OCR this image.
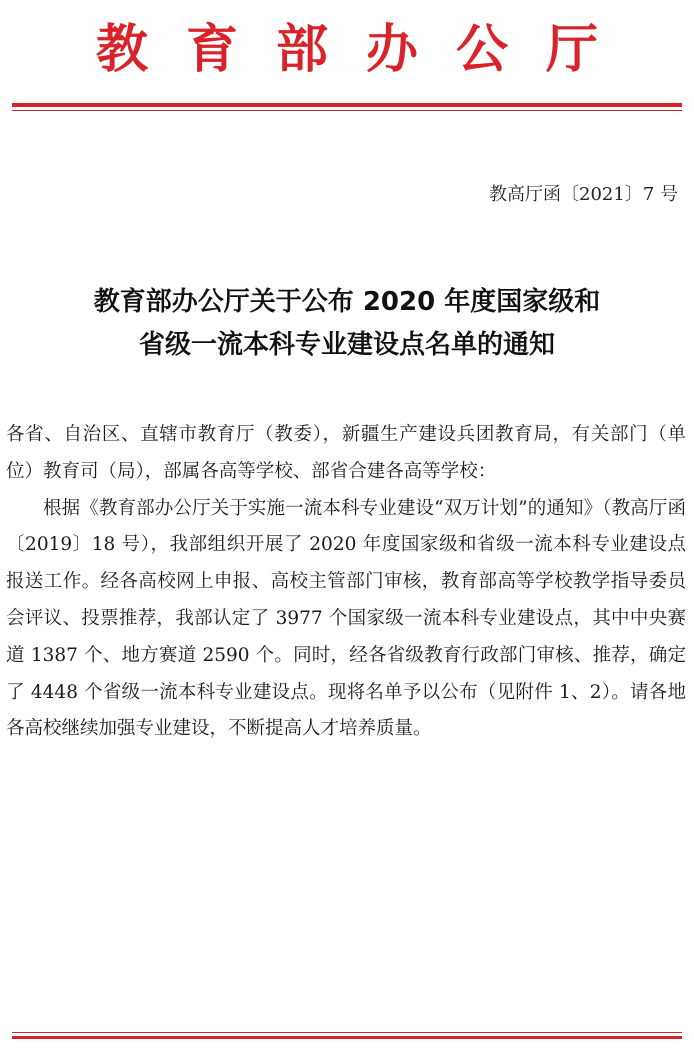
教育部办公厅
教高厅函〔2021〕7 号
教育部办公厅关于公布 2020 年度国家级和
省级一流本科专业建设点名单的通知

各省、自治区、直辖市教育厅（教委），新疆生产建设兵团教育局，有关部门（单位）教育司（局），部属各高等学校、部省合建各高等学校：

根据《教育部办公厅关于实施一流本科专业建设“双万计划”的通知》（教高厅函〔2019〕18 号），我部组织开展了 2020 年度国家级和省级一流本科专业建设点报送工作。经各高校网上申报、高校主管部门审核，教育部高等学校教学指导委员会评议、投票推荐，我部认定了 3977 个国家级一流本科专业建设点，其中中央赛道 1387 个、地方赛道 2590 个。同时，经各省级教育行政部门审核、推荐，确定了 4448 个省级一流本科专业建设点。现将名单予以公布（见附件 1、2）。请各地各高校继续加强专业建设，不断提高人才培养质量。
